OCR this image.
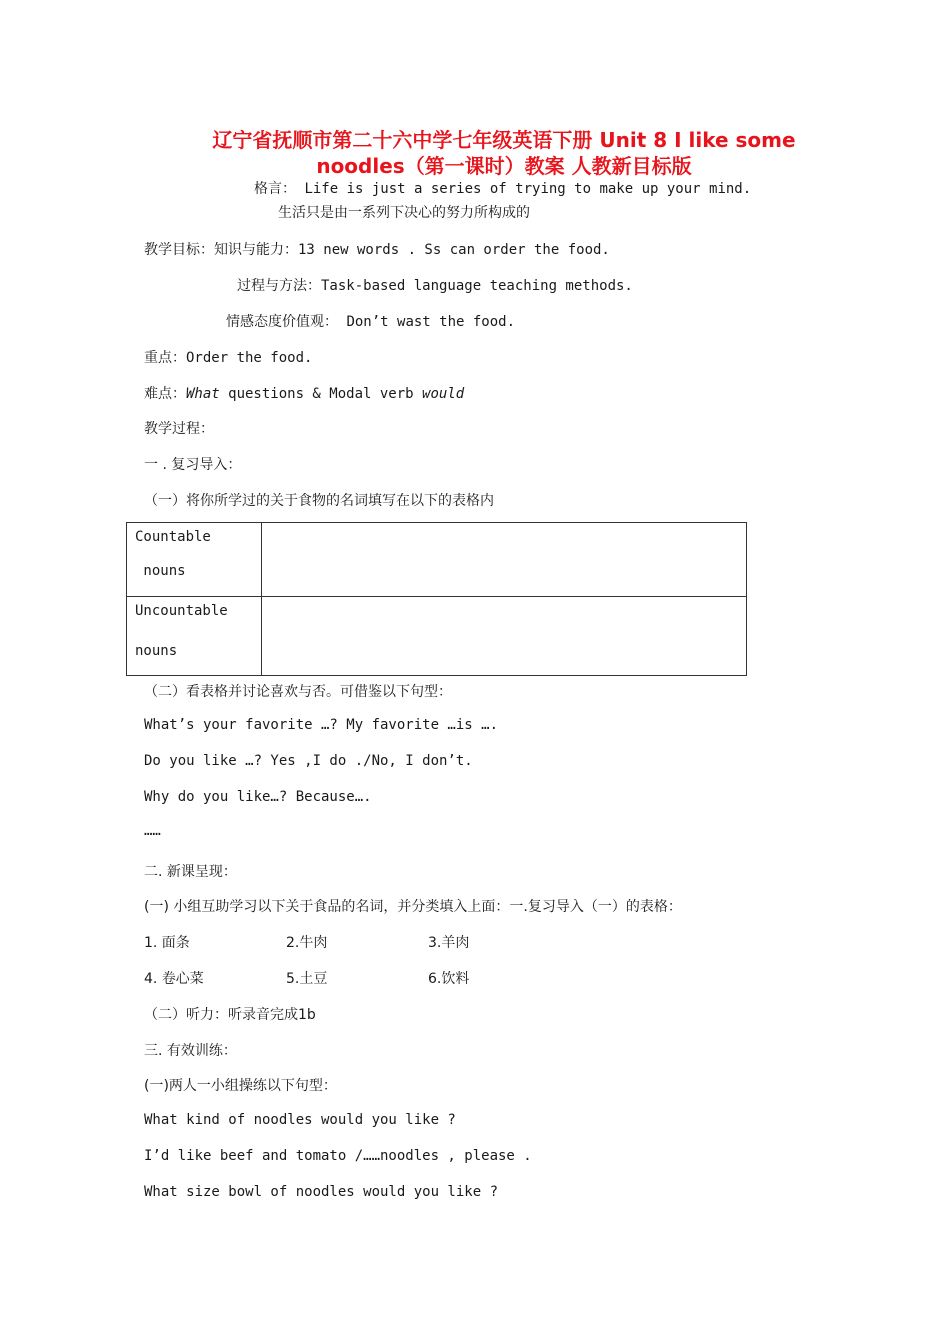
辽宁省抚顺市第二十六中学七年级英语下册 Unit 8 I like some
noodles（第一课时）教案 人教新目标版
格言： Life is just a series of trying to make up your mind.
生活只是由一系列下决心的努力所构成的
教学目标：知识与能力：13 new words . Ss can order the food.
过程与方法：Task-based language teaching methods.
情感态度价值观： Don’t wast the food.
重点：Order the food.
难点：What questions & Modal verb would
教学过程：
一 . 复习导入：
（一）将你所学过的关于食物的名词填写在以下的表格内
Countable
nouns	

Uncountable
nouns	

（二）看表格并讨论喜欢与否。可借鉴以下句型：
What’s your favorite …? My favorite …is ….
Do you like …? Yes ,I do ./No, I don’t.
Why do you like…? Because….
……
二. 新课呈现：
(一) 小组互助学习以下关于食品的名词，并分类填入上面：一.复习导入（一）的表格：
1. 面条	2.牛肉	3.羊肉
4. 卷心菜	5.土豆	6.饮料
（二）听力：听录音完成1b
三. 有效训练：
(一)两人一小组操练以下句型：
What kind of noodles would you like ?
I’d like beef and tomato /……noodles , please .
What size bowl of noodles would you like ?
